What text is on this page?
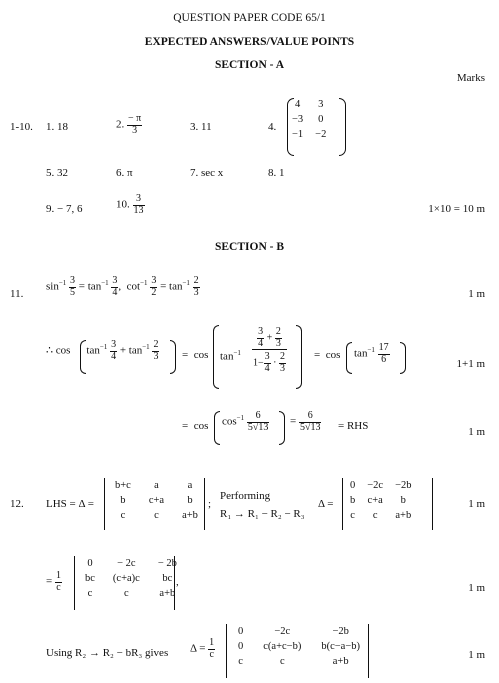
QUESTION PAPER CODE 65/1
EXPECTED ANSWERS/VALUE POINTS
SECTION - A
Marks
1-10. 1. 18	2. $\frac{- \pi}{3}$	3. 11	4.
4	3
−3	0
−1	−2
5. 32	6. π	7. sec x	8. 1
9. − 7, 6	10. $\frac{3}{13}$	1×10 = 10 m
SECTION - B
11.
$\sin^{-1} \frac{3}{5} = \tan^{-1} \frac{3}{4}$ ,  $\cot^{-1} \frac{3}{2} = \tan^{-1} \frac{2}{3}$	1 m
∴ $\cos \tan^{-1} \frac{3}{4} + \tan^{-1} \frac{2}{3} = \cos \tan^{-1} \frac{\frac{3}{4} + \frac{2}{3}}{1- \frac{3}{4} \cdot \frac{2}{3}} = \cos \tan^{-1} \frac{17}{6}$	1+1 m
=  $\cos \cos^{-1} \frac{6}{5√13} = \frac{6}{5√13}$ = RHS	1 m
12. LHS = Δ =
b+c	a	a
b	c+a	b
c	c	a+b
;
Performing
R₁ → R₁ − R₂ − R₃
Δ =
0	−2c	−2b
b	c+a	b
c	c	a+b
1 m
= $\frac{1}{c}$
0	− 2c	− 2b
bc	(c+a)c	bc
c	c	a+b
,	1 m
Using R₂ → R₂ − bR₃ gives $\Delta = \frac{1}{c}$
0	−2c	−2b
0	c(a+c−b)	b(c−a−b)
c	c	a+b
1 m
